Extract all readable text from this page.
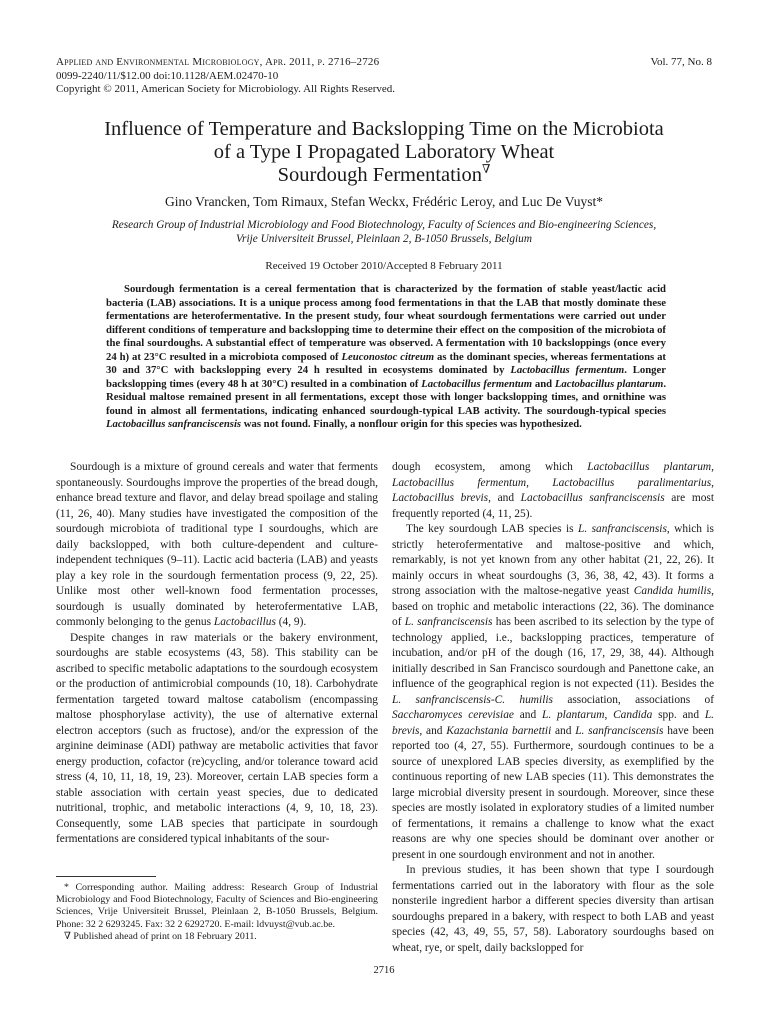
Applied and Environmental Microbiology, Apr. 2011, p. 2716–2726
0099-2240/11/$12.00 doi:10.1128/AEM.02470-10
Copyright © 2011, American Society for Microbiology. All Rights Reserved.
Vol. 77, No. 8
Influence of Temperature and Backslopping Time on the Microbiota
of a Type I Propagated Laboratory Wheat
Sourdough Fermentation∇
Gino Vrancken, Tom Rimaux, Stefan Weckx, Frédéric Leroy, and Luc De Vuyst*
Research Group of Industrial Microbiology and Food Biotechnology, Faculty of Sciences and Bio-engineering Sciences,
Vrije Universiteit Brussel, Pleinlaan 2, B-1050 Brussels, Belgium
Received 19 October 2010/Accepted 8 February 2011

Sourdough fermentation is a cereal fermentation that is characterized by the formation of stable yeast/lactic acid bacteria (LAB) associations. It is a unique process among food fermentations in that the LAB that mostly dominate these fermentations are heterofermentative. In the present study, four wheat sourdough fermentations were carried out under different conditions of temperature and backslopping time to determine their effect on the composition of the microbiota of the final sourdoughs. A substantial effect of temperature was observed. A fermentation with 10 backsloppings (once every 24 h) at 23°C resulted in a microbiota composed of Leuconostoc citreum as the dominant species, whereas fermentations at 30 and 37°C with backslopping every 24 h resulted in ecosystems dominated by Lactobacillus fermentum. Longer backslopping times (every 48 h at 30°C) resulted in a combination of Lactobacillus fermentum and Lactobacillus plantarum. Residual maltose remained present in all fermentations, except those with longer backslopping times, and ornithine was found in almost all fermentations, indicating enhanced sourdough-typical LAB activity. The sourdough-typical species Lactobacillus sanfranciscensis was not found. Finally, a nonflour origin for this species was hypothesized.

Sourdough is a mixture of ground cereals and water that ferments spontaneously. Sourdoughs improve the properties of the bread dough, enhance bread texture and flavor, and delay bread spoilage and staling (11, 26, 40). Many studies have investigated the composition of the sourdough microbiota of traditional type I sourdoughs, which are daily backslopped, with both culture-dependent and culture-independent techniques (9–11). Lactic acid bacteria (LAB) and yeasts play a key role in the sourdough fermentation process (9, 22, 25). Unlike most other well-known food fermentation processes, sourdough is usually dominated by heterofermentative LAB, commonly belonging to the genus Lactobacillus (4, 9).

Despite changes in raw materials or the bakery environment, sourdoughs are stable ecosystems (43, 58). This stability can be ascribed to specific metabolic adaptations to the sourdough ecosystem or the production of antimicrobial compounds (10, 18). Carbohydrate fermentation targeted toward maltose catabolism (encompassing maltose phosphorylase activity), the use of alternative external electron acceptors (such as fructose), and/or the expression of the arginine deiminase (ADI) pathway are metabolic activities that favor energy production, cofactor (re)cycling, and/or tolerance toward acid stress (4, 10, 11, 18, 19, 23). Moreover, certain LAB species form a stable association with certain yeast species, due to dedicated nutritional, trophic, and metabolic interactions (4, 9, 10, 18, 23). Consequently, some LAB species that participate in sourdough fermentations are considered typical inhabitants of the sour-

dough ecosystem, among which Lactobacillus plantarum, Lactobacillus fermentum, Lactobacillus paralimentarius, Lactobacillus brevis, and Lactobacillus sanfranciscensis are most frequently reported (4, 11, 25).

The key sourdough LAB species is L. sanfranciscensis, which is strictly heterofermentative and maltose-positive and which, remarkably, is not yet known from any other habitat (21, 22, 26). It mainly occurs in wheat sourdoughs (3, 36, 38, 42, 43). It forms a strong association with the maltose-negative yeast Candida humilis, based on trophic and metabolic interactions (22, 36). The dominance of L. sanfranciscensis has been ascribed to its selection by the type of technology applied, i.e., backslopping practices, temperature of incubation, and/or pH of the dough (16, 17, 29, 38, 44). Although initially described in San Francisco sourdough and Panettone cake, an influence of the geographical region is not expected (11). Besides the L. sanfranciscensis-C. humilis association, associations of Saccharomyces cerevisiae and L. plantarum, Candida spp. and L. brevis, and Kazachstania barnettii and L. sanfranciscensis have been reported too (4, 27, 55). Furthermore, sourdough continues to be a source of unexplored LAB species diversity, as exemplified by the continuous reporting of new LAB species (11). This demonstrates the large microbial diversity present in sourdough. Moreover, since these species are mostly isolated in exploratory studies of a limited number of fermentations, it remains a challenge to know what the exact reasons are why one species should be dominant over another or present in one sourdough environment and not in another.

In previous studies, it has been shown that type I sourdough fermentations carried out in the laboratory with flour as the sole nonsterile ingredient harbor a different species diversity than artisan sourdoughs prepared in a bakery, with respect to both LAB and yeast species (42, 43, 49, 55, 57, 58). Laboratory sourdoughs based on wheat, rye, or spelt, daily backslopped for

* Corresponding author. Mailing address: Research Group of Industrial Microbiology and Food Biotechnology, Faculty of Sciences and Bio-engineering Sciences, Vrije Universiteit Brussel, Pleinlaan 2, B-1050 Brussels, Belgium. Phone: 32 2 6293245. Fax: 32 2 6292720. E-mail: ldvuyst@vub.ac.be.

∇ Published ahead of print on 18 February 2011.

2716
